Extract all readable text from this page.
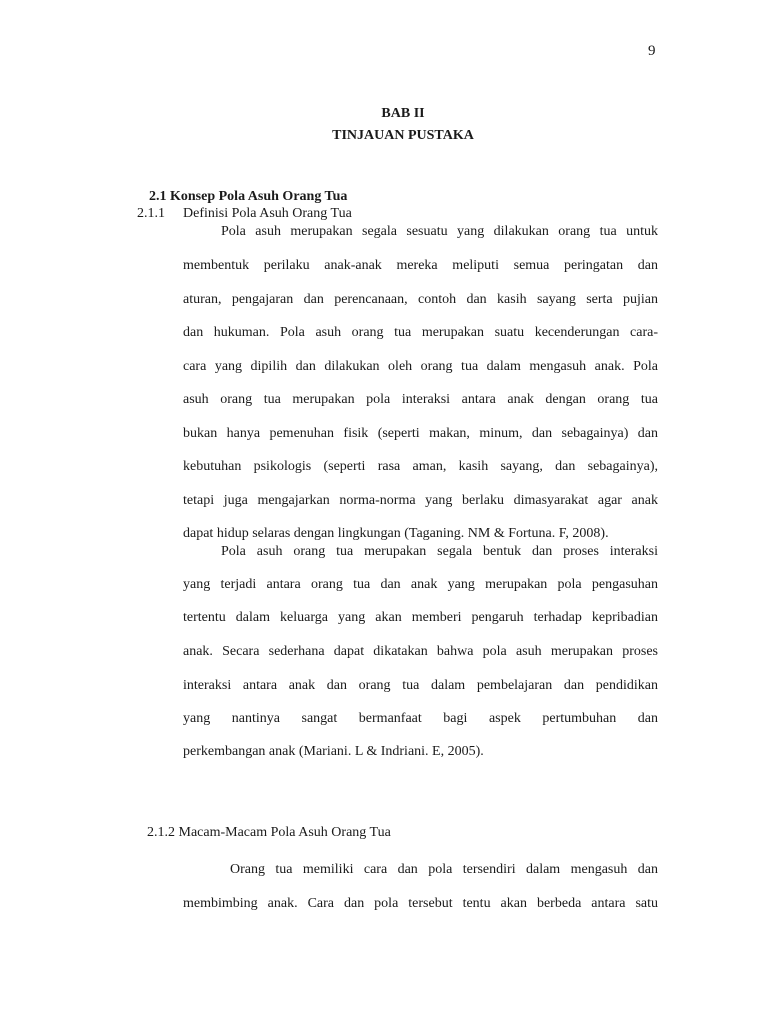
9
BAB II
TINJAUAN PUSTAKA
2.1 Konsep Pola Asuh Orang Tua
2.1.1 Definisi Pola Asuh Orang Tua
Pola asuh merupakan segala sesuatu yang dilakukan orang tua untuk
membentuk perilaku anak-anak mereka meliputi semua peringatan dan
aturan, pengajaran dan perencanaan, contoh dan kasih sayang serta pujian
dan hukuman. Pola asuh orang tua merupakan suatu kecenderungan cara-
cara yang dipilih dan dilakukan oleh orang tua dalam mengasuh anak. Pola
asuh orang tua merupakan pola interaksi antara anak dengan orang tua
bukan hanya pemenuhan fisik (seperti makan, minum, dan sebagainya) dan
kebutuhan psikologis (seperti rasa aman, kasih sayang, dan sebagainya),
tetapi juga mengajarkan norma-norma yang berlaku dimasyarakat agar anak
dapat hidup selaras dengan lingkungan (Taganing. NM & Fortuna. F, 2008).
Pola asuh orang tua merupakan segala bentuk dan proses interaksi
yang terjadi antara orang tua dan anak yang merupakan pola pengasuhan
tertentu dalam keluarga yang akan memberi pengaruh terhadap kepribadian
anak. Secara sederhana dapat dikatakan bahwa pola asuh merupakan proses
interaksi antara anak dan orang tua dalam pembelajaran dan pendidikan
yang nantinya sangat bermanfaat bagi aspek pertumbuhan dan
perkembangan anak (Mariani. L & Indriani. E, 2005).
2.1.2 Macam-Macam Pola Asuh Orang Tua
Orang tua memiliki cara dan pola tersendiri dalam mengasuh dan
membimbing anak. Cara dan pola tersebut tentu akan berbeda antara satu
